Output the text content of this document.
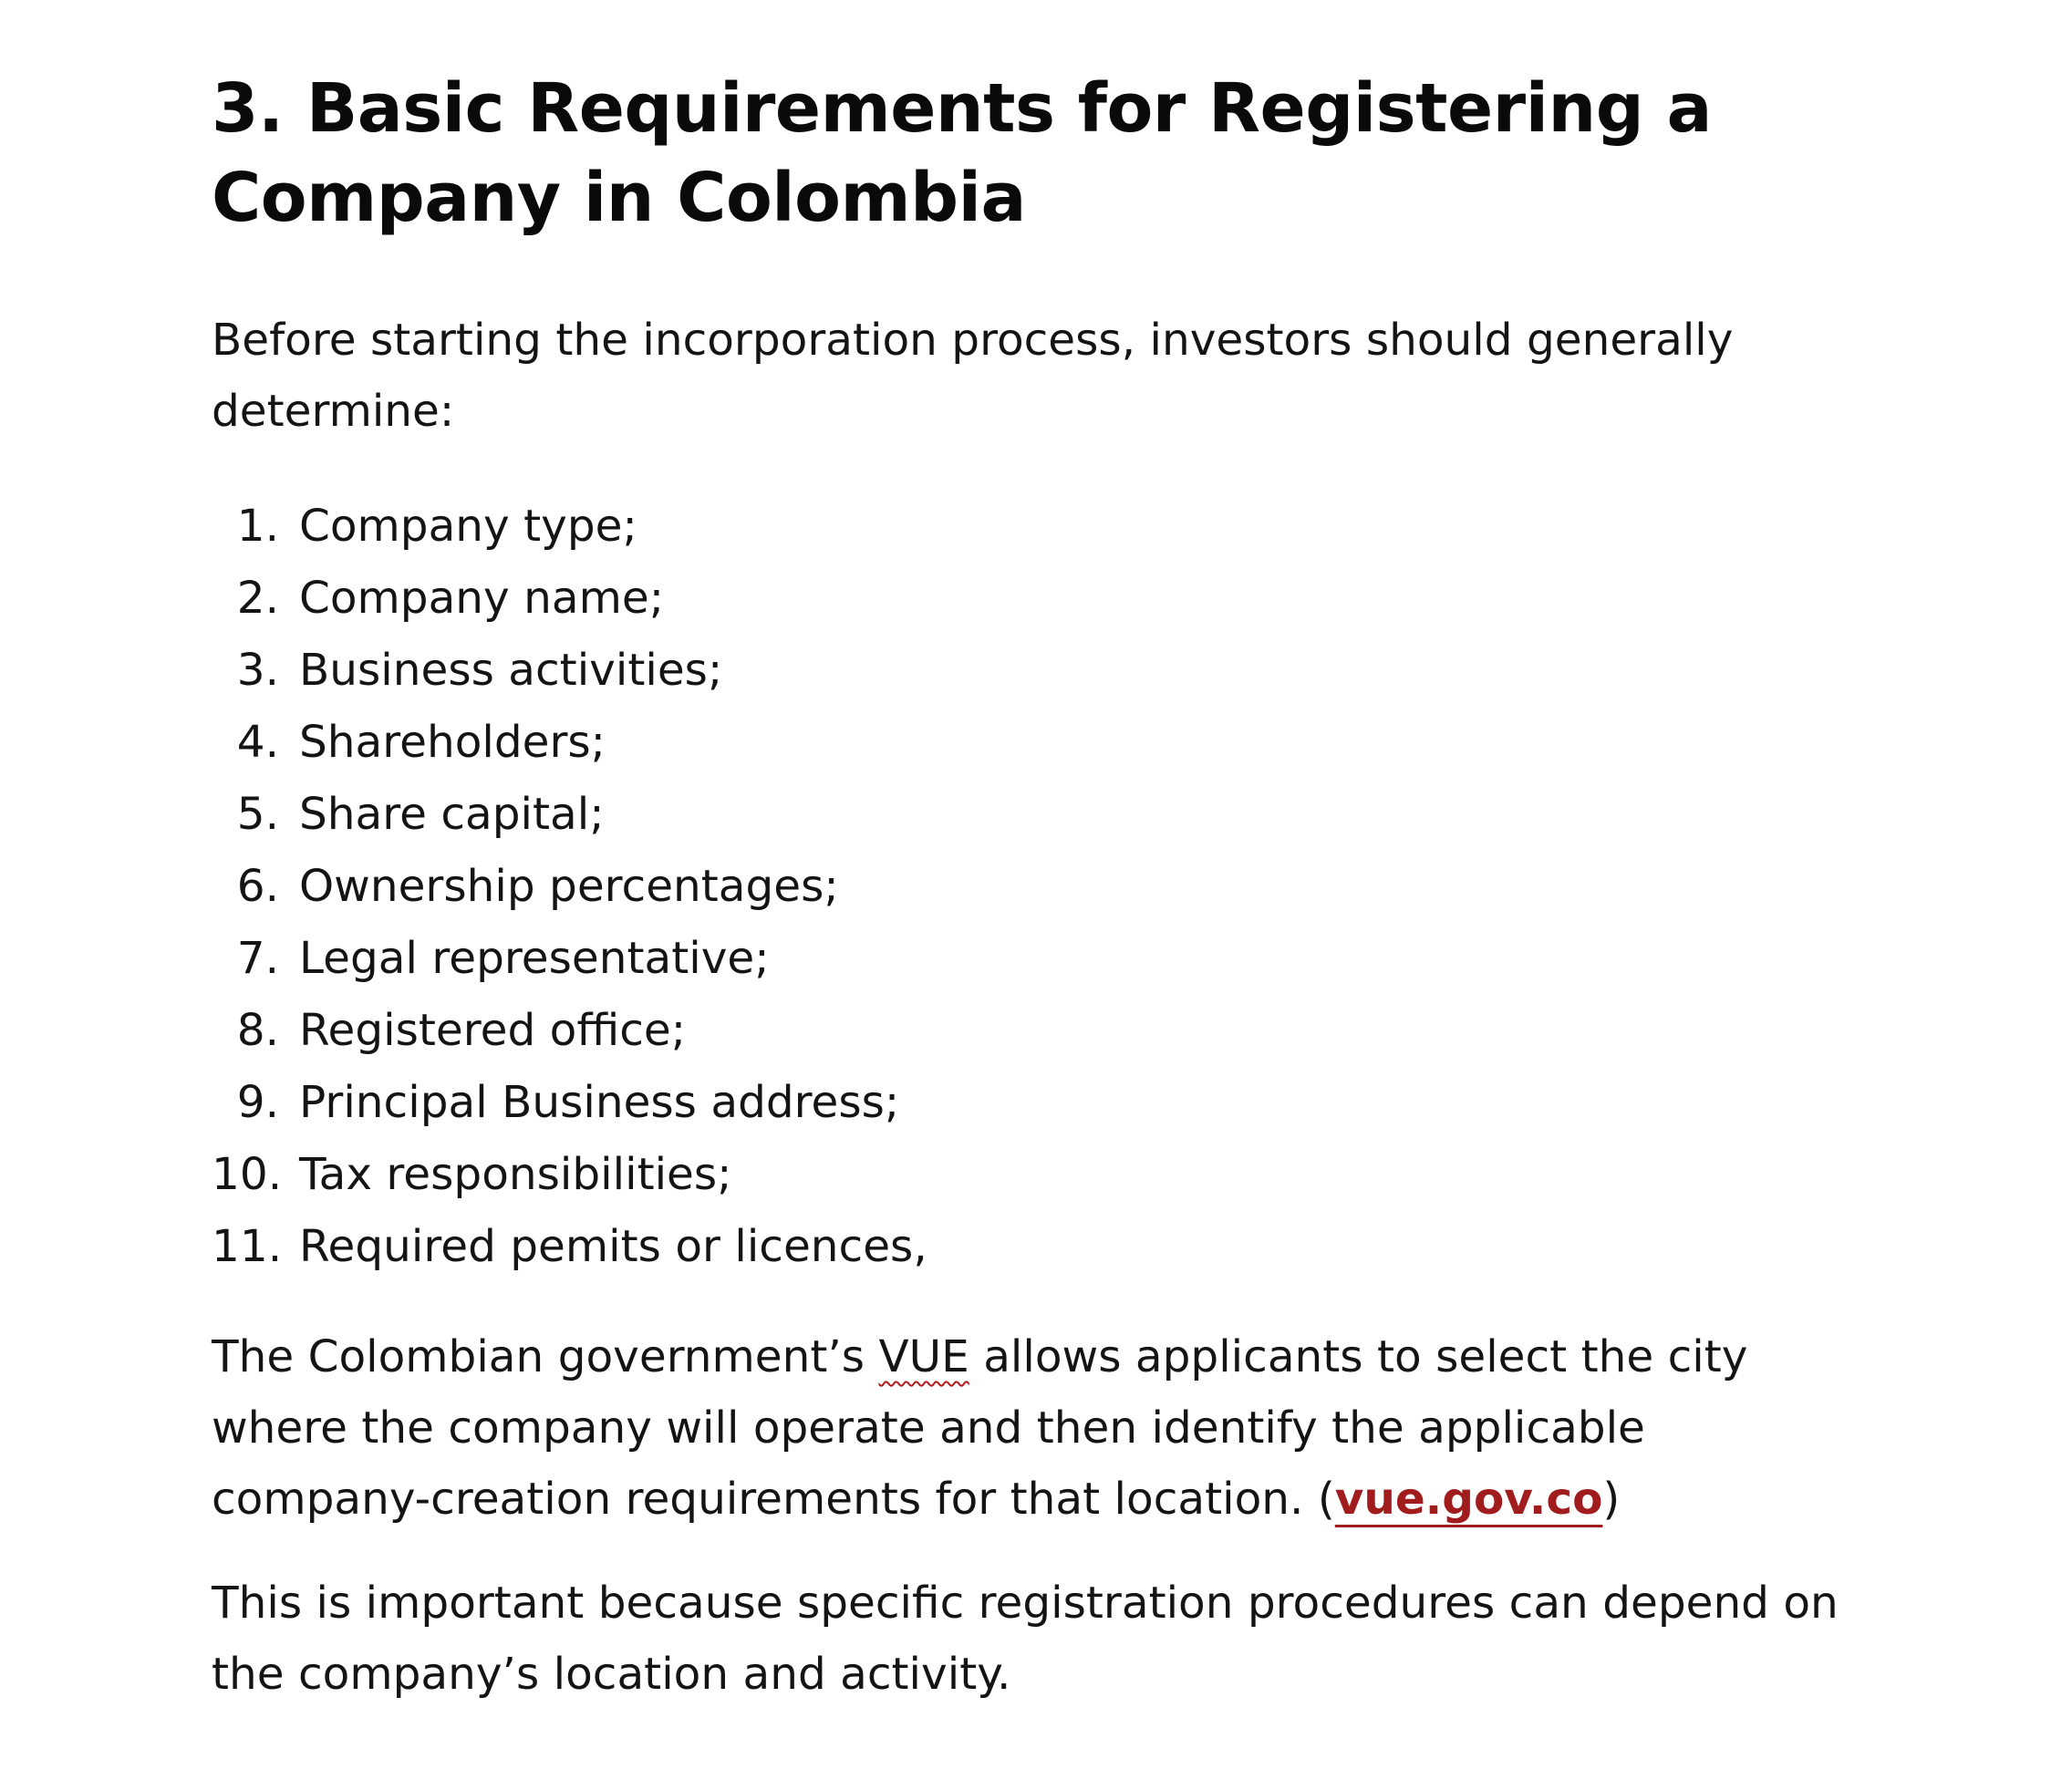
3. Basic Requirements for Registering a Company in Colombia

Before starting the incorporation process, investors should generally determine:

1. Company type;
2. Company name;
3. Business activities;
4. Shareholders;
5. Share capital;
6. Ownership percentages;
7. Legal representative;
8. Registered office;
9. Principal Business address;
10. Tax responsibilities;
11. Required pemits or licences,

The Colombian government’s VUE allows applicants to select the city where the company will operate and then identify the applicable company-creation requirements for that location. (vue.gov.co)

This is important because specific registration procedures can depend on the company’s location and activity.
